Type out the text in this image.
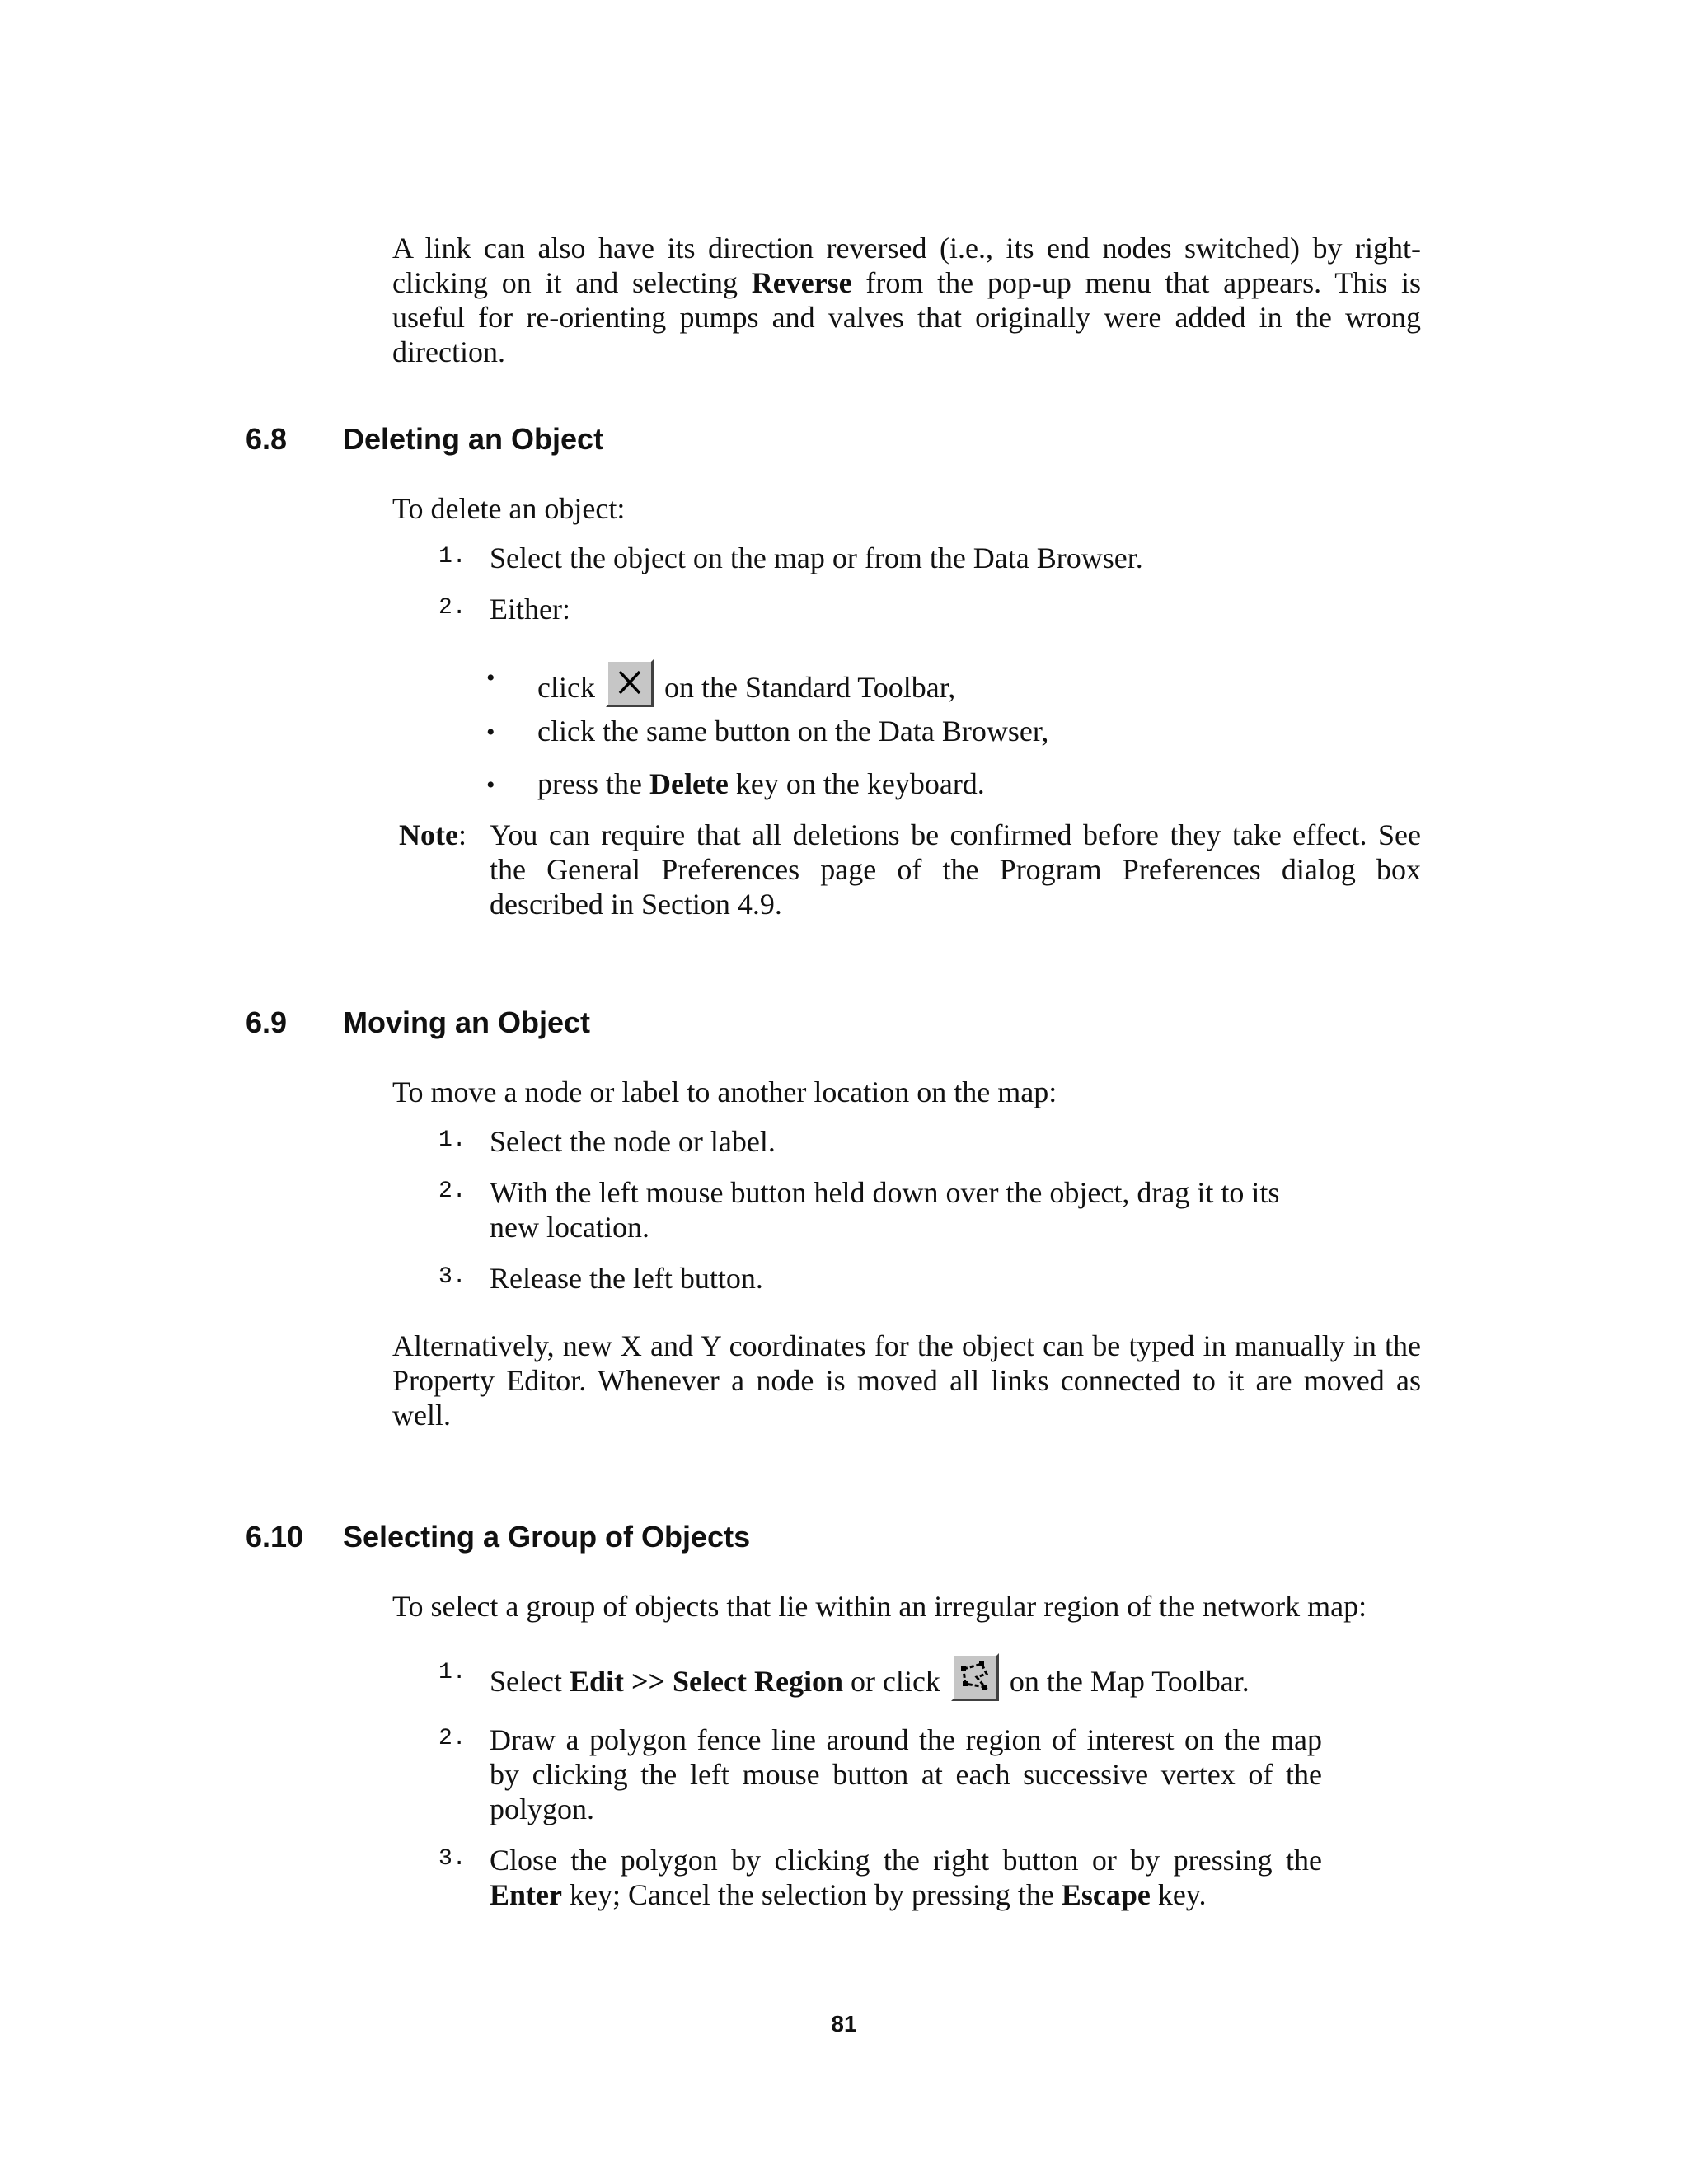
A link can also have its direction reversed (i.e., its end nodes switched) by right-
clicking on it and selecting Reverse from the pop-up menu that appears. This is
useful for re-orienting pumps and valves that originally were added in the wrong
direction.
6.8 Deleting an Object
To delete an object:
1. Select the object on the map or from the Data Browser.
2. Either:
• click on the Standard Toolbar,
• click the same button on the Data Browser,
• press the Delete key on the keyboard.
Note: You can require that all deletions be confirmed before they take effect. See
the General Preferences page of the Program Preferences dialog box
described in Section 4.9.
6.9 Moving an Object
To move a node or label to another location on the map:
1. Select the node or label.
2. With the left mouse button held down over the object, drag it to its
new location.
3. Release the left button.
Alternatively, new X and Y coordinates for the object can be typed in manually in the
Property Editor. Whenever a node is moved all links connected to it are moved as
well.
6.10 Selecting a Group of Objects
To select a group of objects that lie within an irregular region of the network map:
1. Select Edit >> Select Region or click on the Map Toolbar.
2. Draw a polygon fence line around the region of interest on the map
by clicking the left mouse button at each successive vertex of the
polygon.
3. Close the polygon by clicking the right button or by pressing the
Enter key; Cancel the selection by pressing the Escape key.
81
